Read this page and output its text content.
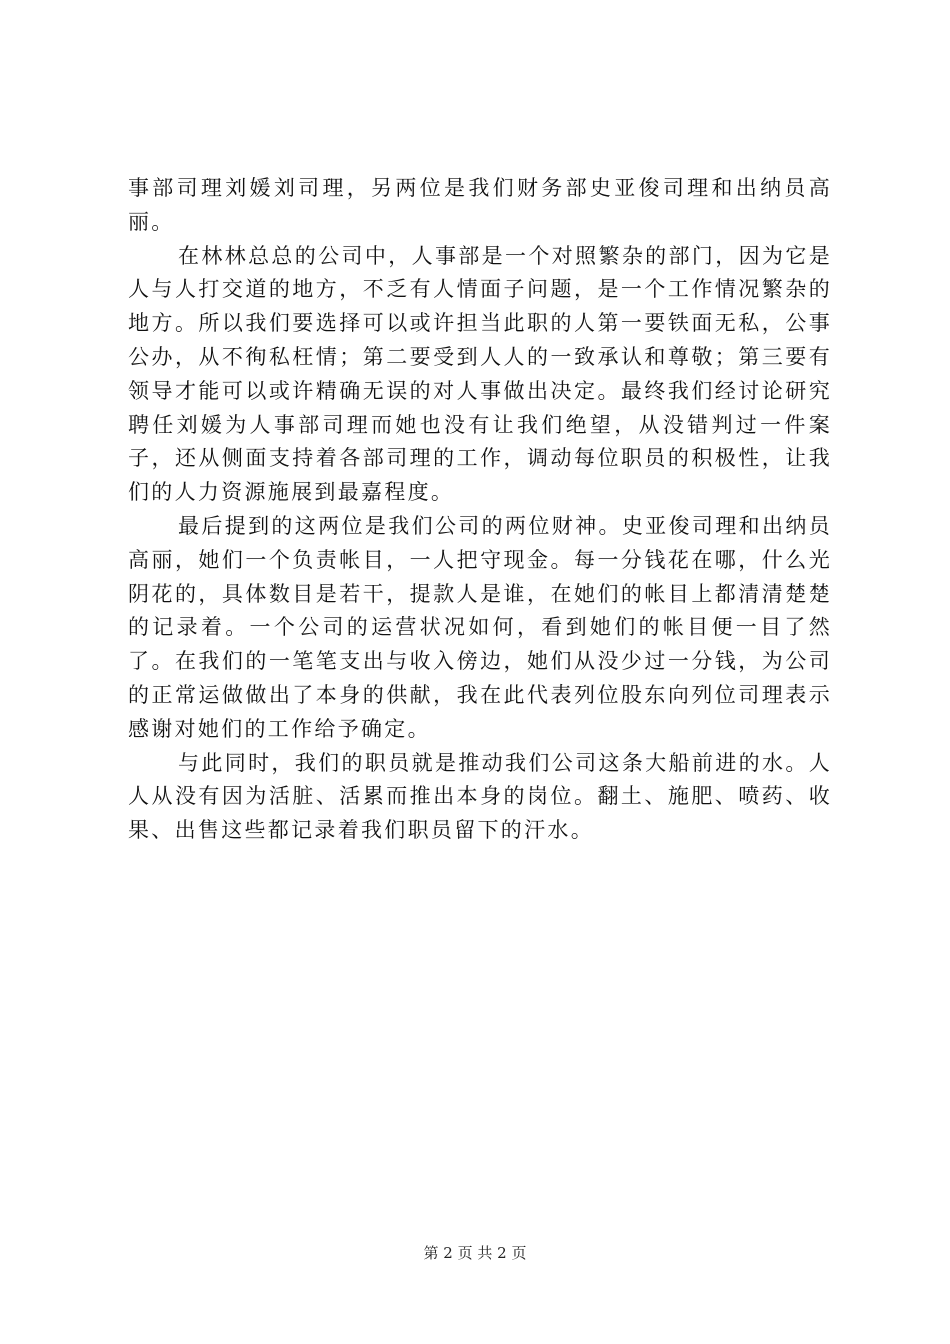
事部司理刘媛刘司理，另两位是我们财务部史亚俊司理和出纳员高丽。

在林林总总的公司中，人事部是一个对照繁杂的部门，因为它是人与人打交道的地方，不乏有人情面子问题，是一个工作情况繁杂的地方。所以我们要选择可以或许担当此职的人第一要铁面无私，公事公办，从不徇私枉情；第二要受到人人的一致承认和尊敬；第三要有领导才能可以或许精确无误的对人事做出决定。最终我们经讨论研究聘任刘媛为人事部司理而她也没有让我们绝望，从没错判过一件案子，还从侧面支持着各部司理的工作，调动每位职员的积极性，让我们的人力资源施展到最嘉程度。

最后提到的这两位是我们公司的两位财神。史亚俊司理和出纳员高丽，她们一个负责帐目，一人把守现金。每一分钱花在哪，什么光阴花的，具体数目是若干，提款人是谁，在她们的帐目上都清清楚楚的记录着。一个公司的运营状况如何，看到她们的帐目便一目了然了。在我们的一笔笔支出与收入傍边，她们从没少过一分钱，为公司的正常运做做出了本身的供献，我在此代表列位股东向列位司理表示感谢对她们的工作给予确定。

与此同时，我们的职员就是推动我们公司这条大船前进的水。人人从没有因为活脏、活累而推出本身的岗位。翻土、施肥、喷药、收果、出售这些都记录着我们职员留下的汗水。

第 2 页 共 2 页
